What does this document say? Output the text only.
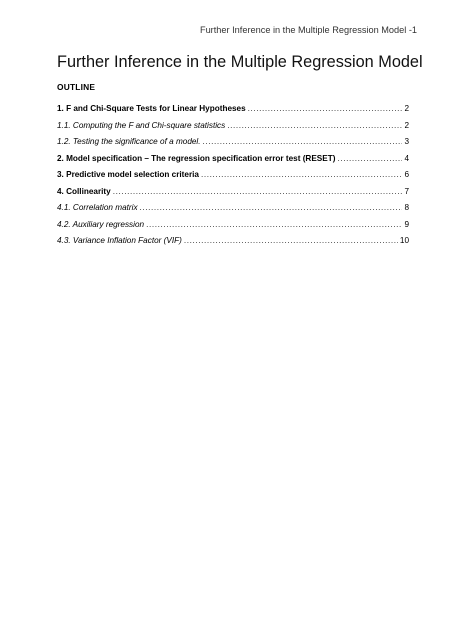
Further Inference in the Multiple Regression Model -1
Further Inference in the Multiple Regression Model
OUTLINE
1. F and Chi-Square Tests for Linear Hypotheses .....	2
1.1. Computing the F and Chi-square statistics .....	2
1.2. Testing the significance of a model. .....	3
2. Model specification – The regression specification error test (RESET) .....	4
3. Predictive model selection criteria .....	6
4. Collinearity .....	7
4.1. Correlation matrix .....	8
4.2. Auxiliary regression .....	9
4.3. Variance Inflation Factor (VIF) .....	10
